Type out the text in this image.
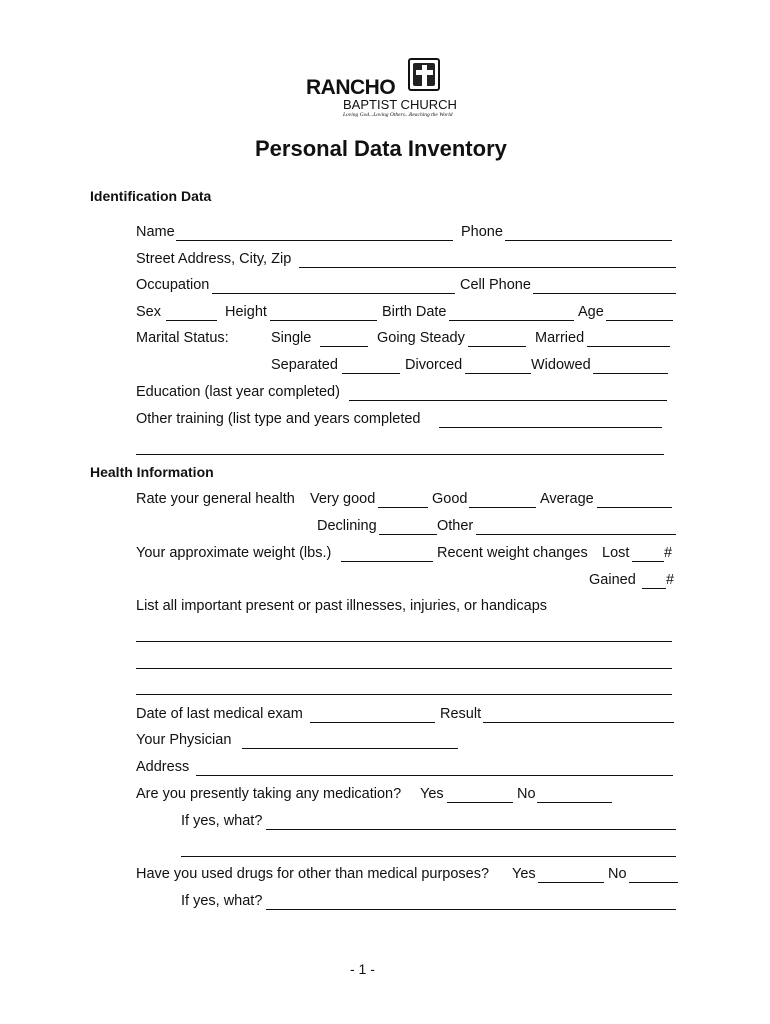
RANCHO
BAPTIST CHURCH
Loving God...Loving Others...Reaching the World
Personal Data Inventory
Identification Data
Name	Phone
Street Address, City, Zip
Occupation	Cell Phone
Sex	Height	Birth Date	Age
Marital Status:	Single	Going Steady	Married
Separated	Divorced	Widowed
Education (last year completed)
Other training (list type and years completed
Health Information
Rate your general health Very good	Good	Average
Declining	Other
Your approximate weight (lbs.)	Recent weight changes Lost #
Gained #
List all important present or past illnesses, injuries, or handicaps
Date of last medical exam	Result
Your Physician
Address
Are you presently taking any medication? Yes	No
If yes, what?
Have you used drugs for other than medical purposes? Yes	No
If yes, what?
- 1 -
